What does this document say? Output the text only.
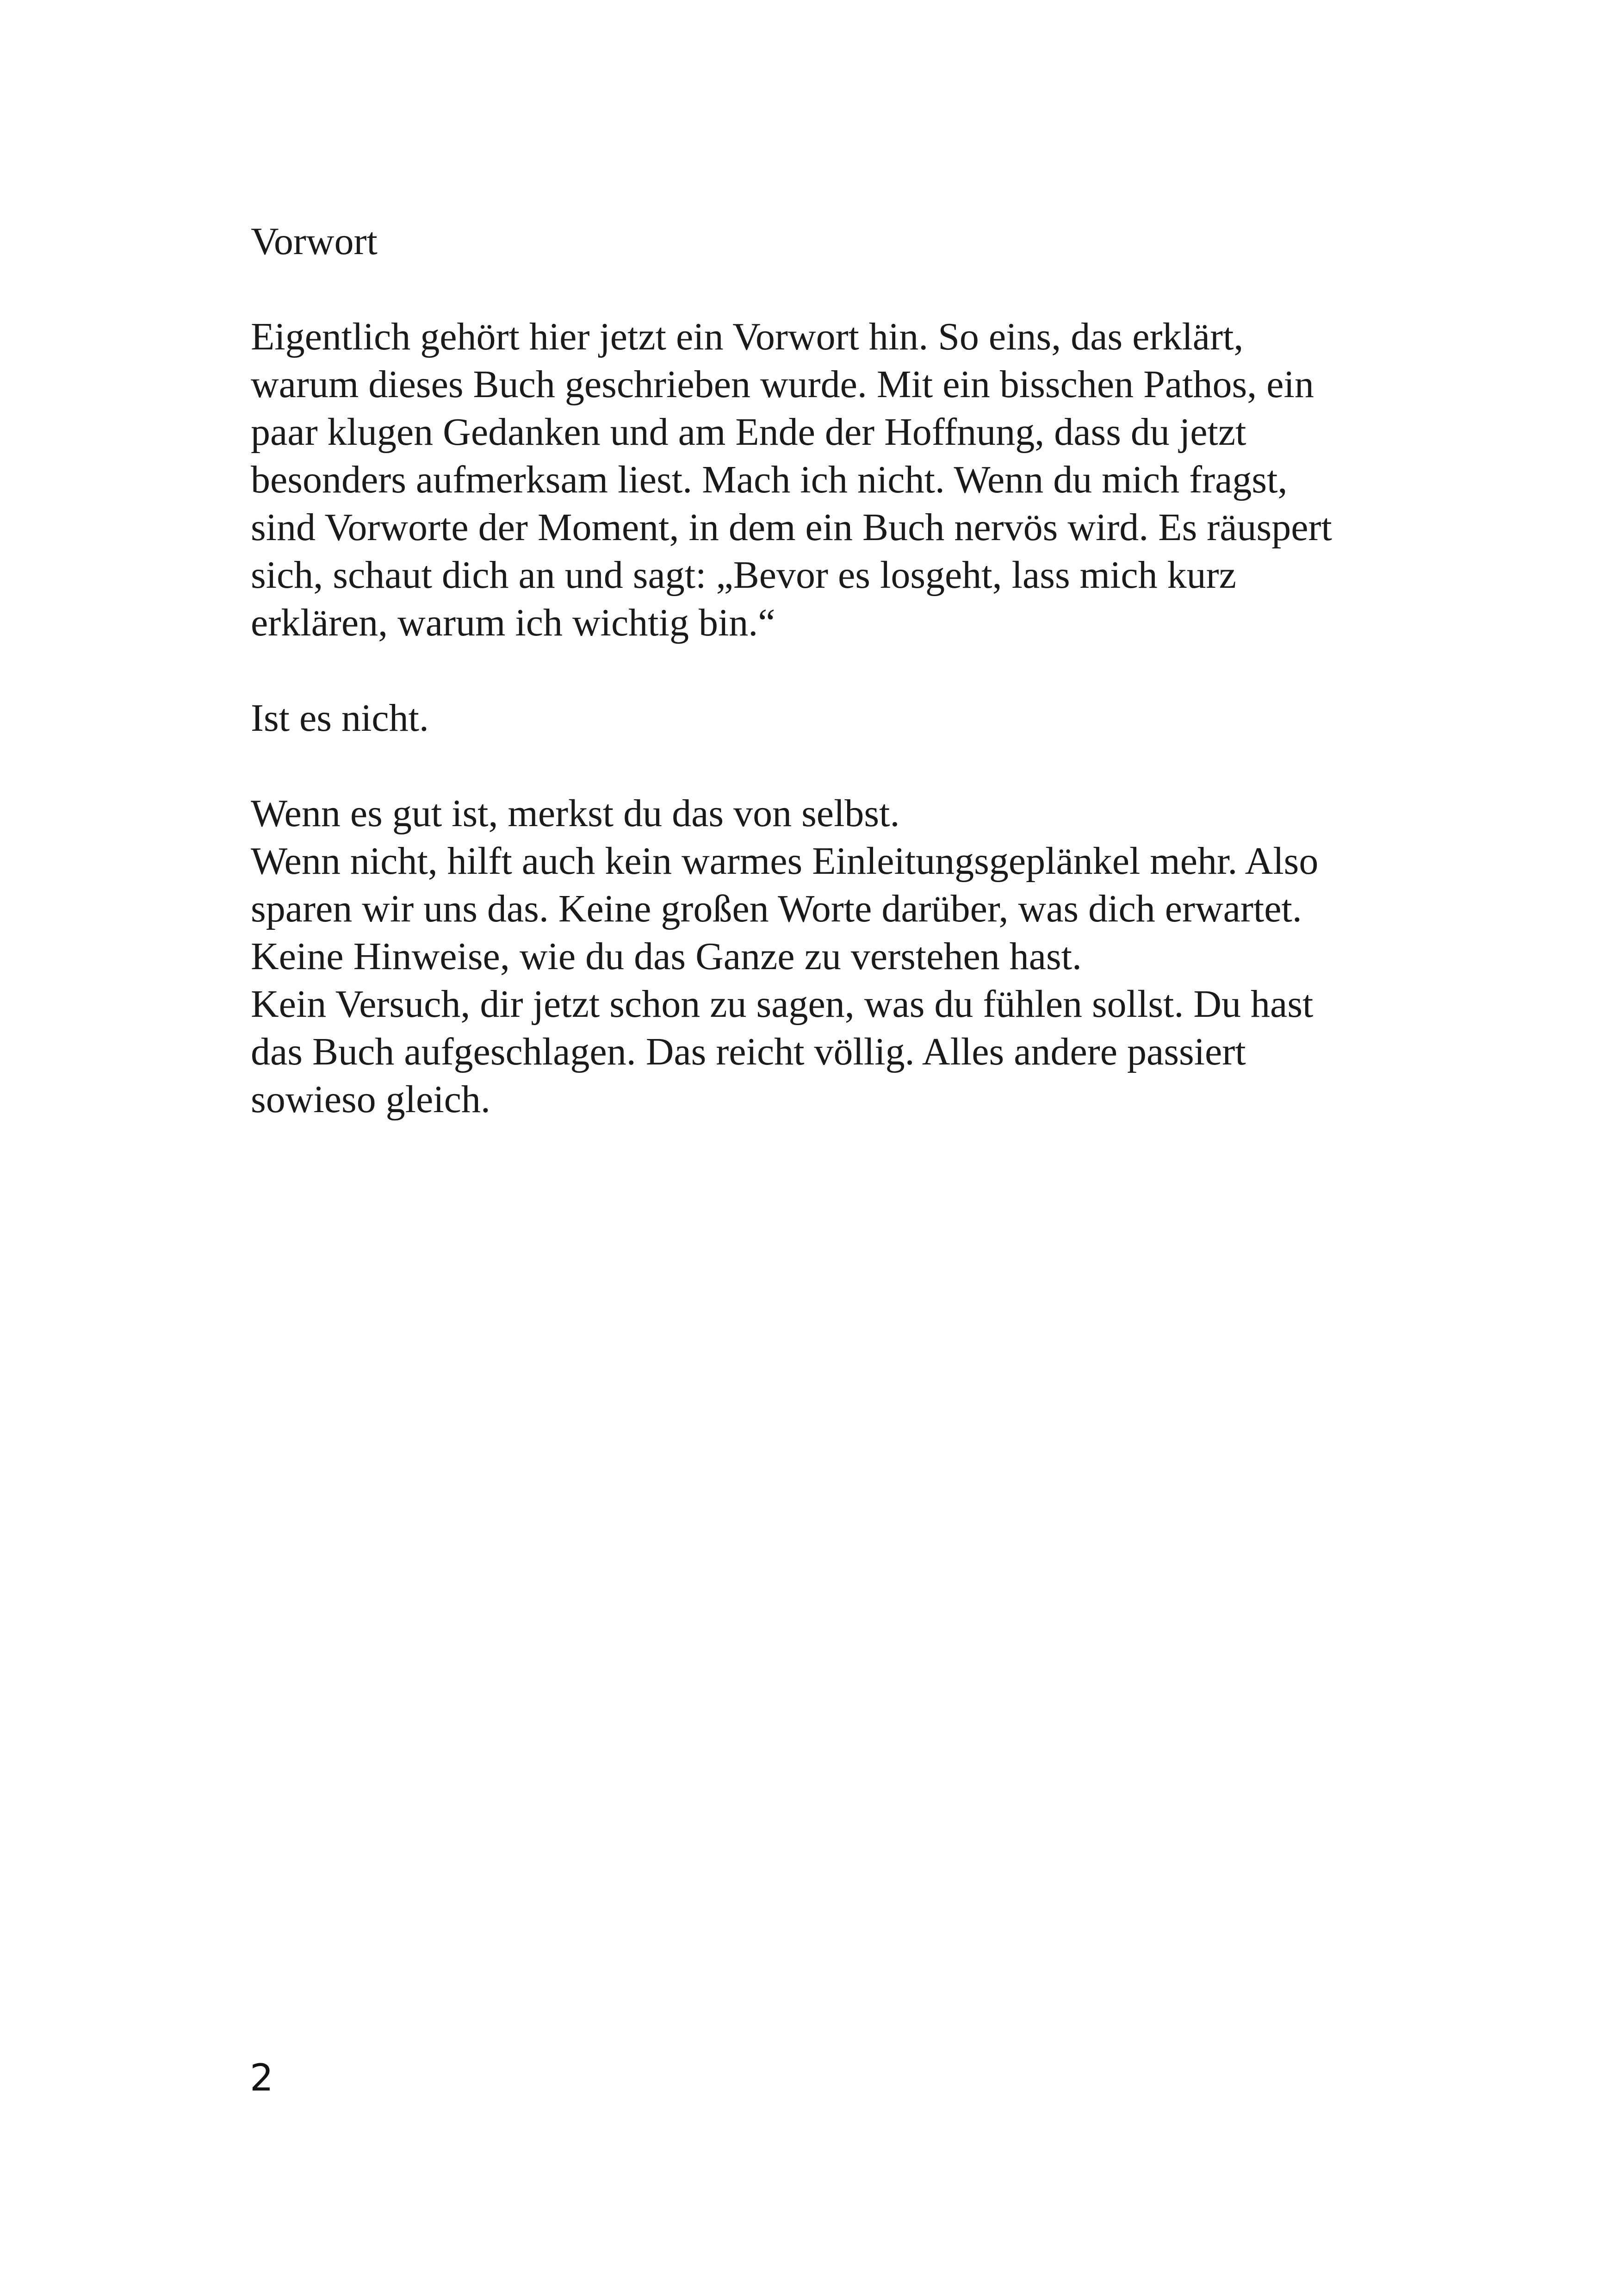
Vorwort
Eigentlich gehört hier jetzt ein Vorwort hin. So eins, das erklärt,
warum dieses Buch geschrieben wurde. Mit ein bisschen Pathos, ein
paar klugen Gedanken und am Ende der Hoffnung, dass du jetzt
besonders aufmerksam liest. Mach ich nicht. Wenn du mich fragst,
sind Vorworte der Moment, in dem ein Buch nervös wird. Es räuspert
sich, schaut dich an und sagt: „Bevor es losgeht, lass mich kurz
erklären, warum ich wichtig bin.“
Ist es nicht.
Wenn es gut ist, merkst du das von selbst.
Wenn nicht, hilft auch kein warmes Einleitungsgeplänkel mehr. Also
sparen wir uns das. Keine großen Worte darüber, was dich erwartet.
Keine Hinweise, wie du das Ganze zu verstehen hast.
Kein Versuch, dir jetzt schon zu sagen, was du fühlen sollst. Du hast
das Buch aufgeschlagen. Das reicht völlig. Alles andere passiert
sowieso gleich.
2
